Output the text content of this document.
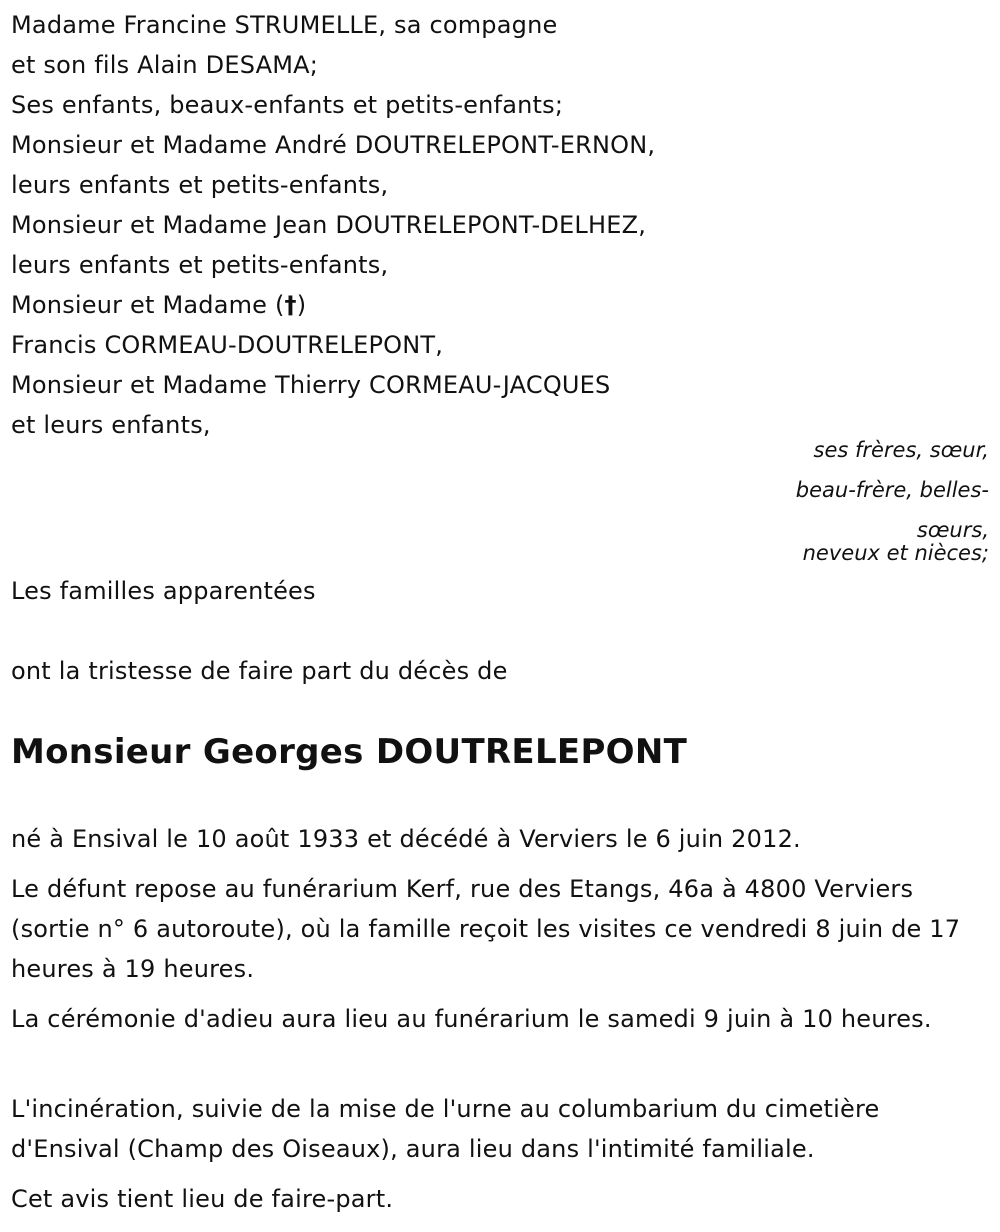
Madame Francine STRUMELLE, sa compagne
et son fils Alain DESAMA;
Ses enfants, beaux-enfants et petits-enfants;
Monsieur et Madame André DOUTRELEPONT-ERNON,
leurs enfants et petits-enfants,
Monsieur et Madame Jean DOUTRELEPONT-DELHEZ,
leurs enfants et petits-enfants,
Monsieur et Madame (†)
Francis CORMEAU-DOUTRELEPONT,
Monsieur et Madame Thierry CORMEAU-JACQUES
et leurs enfants,
ses frères, sœur,
beau-frère, belles-
sœurs,
neveux et nièces;
Les familles apparentées
ont la tristesse de faire part du décès de
Monsieur Georges DOUTRELEPONT
né à Ensival le 10 août 1933 et décédé à Verviers le 6 juin 2012.
Le défunt repose au funérarium Kerf, rue des Etangs, 46a à 4800 Verviers (sortie n° 6 autoroute), où la famille reçoit les visites ce vendredi 8 juin de 17 heures à 19 heures.
La cérémonie d'adieu aura lieu au funérarium le samedi 9 juin à 10 heures.
L'incinération, suivie de la mise de l'urne au columbarium du cimetière d'Ensival (Champ des Oiseaux), aura lieu dans l'intimité familiale.
Cet avis tient lieu de faire-part.
